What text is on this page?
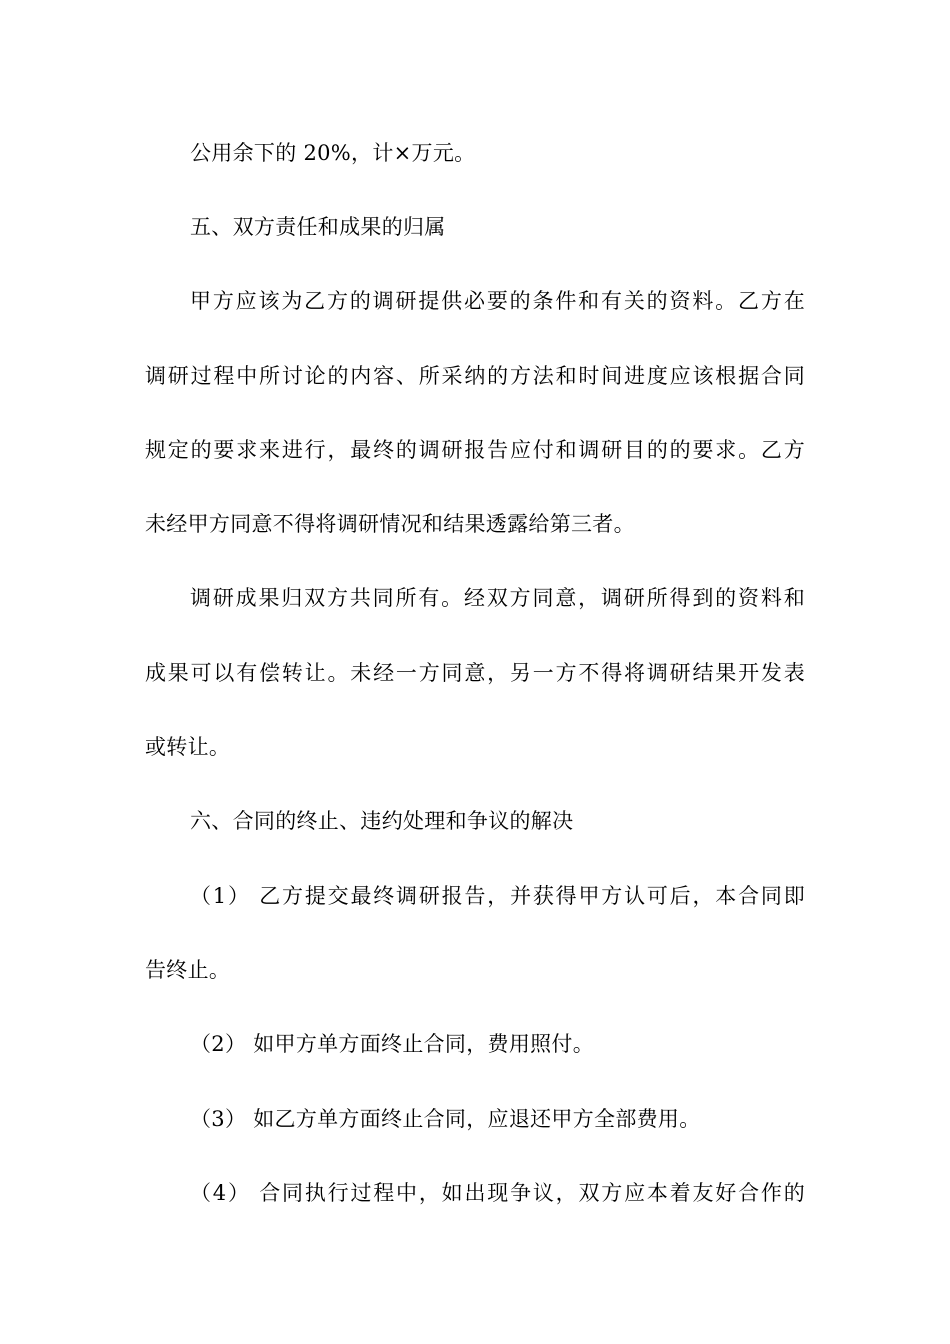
公用余下的 20%，计×万元。
五、双方责任和成果的归属
甲方应该为乙方的调研提供必要的条件和有关的资料。乙方在
调研过程中所讨论的内容、所采纳的方法和时间进度应该根据合同
规定的要求来进行，最终的调研报告应付和调研目的的要求。乙方
未经甲方同意不得将调研情况和结果透露给第三者。
调研成果归双方共同所有。经双方同意，调研所得到的资料和
成果可以有偿转让。未经一方同意，另一方不得将调研结果开发表
或转让。
六、合同的终止、违约处理和争议的解决
（1） 乙方提交最终调研报告，并获得甲方认可后，本合同即
告终止。
（2） 如甲方单方面终止合同，费用照付。
（3） 如乙方单方面终止合同，应退还甲方全部费用。
（4） 合同执行过程中，如出现争议，双方应本着友好合作的
